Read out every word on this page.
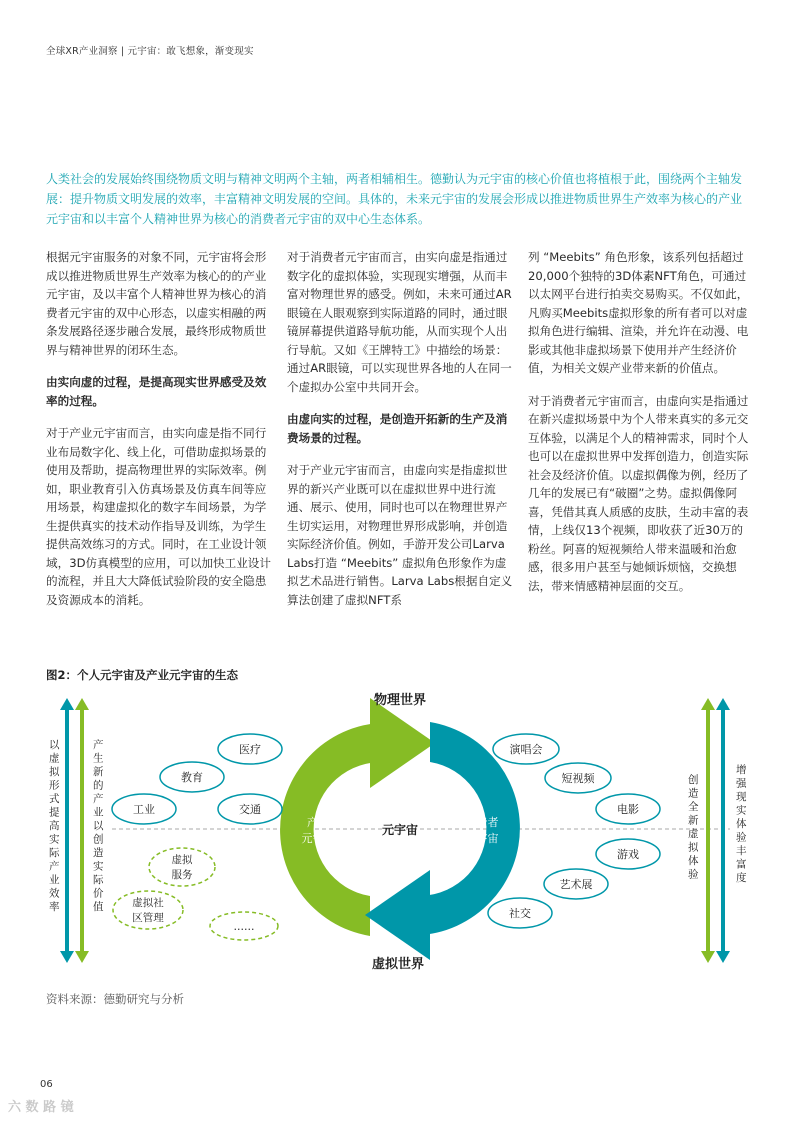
全球XR产业洞察 | 元宇宙：敢飞想象，渐变现实
人类社会的发展始终围绕物质文明与精神文明两个主轴，两者相辅相生。德勤认为元宇宙的核心价值也将植根于此，围绕两个主轴发展：提升物质文明发展的效率，丰富精神文明发展的空间。具体的，未来元宇宙的发展会形成以推进物质世界生产效率为核心的产业元宇宙和以丰富个人精神世界为核心的消费者元宇宙的双中心生态体系。

根据元宇宙服务的对象不同，元宇宙将会形成以推进物质世界生产效率为核心的的产业元宇宙，及以丰富个人精神世界为核心的消费者元宇宙的双中心形态，以虚实相融的两条发展路径逐步融合发展，最终形成物质世界与精神世界的闭环生态。

由实向虚的过程，是提高现实世界感受及效率的过程。

对于产业元宇宙而言，由实向虚是指不同行业布局数字化、线上化，可借助虚拟场景的使用及帮助，提高物理世界的实际效率。例如，职业教育引入仿真场景及仿真车间等应用场景，构建虚拟化的数字车间场景，为学生提供真实的技术动作指导及训练，为学生提供高效练习的方式。同时，在工业设计领域，3D仿真模型的应用，可以加快工业设计的流程，并且大大降低试验阶段的安全隐患及资源成本的消耗。

对于消费者元宇宙而言，由实向虚是指通过数字化的虚拟体验，实现现实增强，从而丰富对物理世界的感受。例如，未来可通过AR眼镜在人眼观察到实际道路的同时，通过眼镜屏幕提供道路导航功能，从而实现个人出行导航。又如《王牌特工》中描绘的场景：通过AR眼镜，可以实现世界各地的人在同一个虚拟办公室中共同开会。

由虚向实的过程，是创造开拓新的生产及消费场景的过程。

对于产业元宇宙而言，由虚向实是指虚拟世界的新兴产业既可以在虚拟世界中进行流通、展示、使用，同时也可以在物理世界产生切实运用，对物理世界形成影响，并创造实际经济价值。例如，手游开发公司Larva Labs打造 “Meebits” 虚拟角色形象作为虚拟艺术品进行销售。Larva Labs根据自定义算法创建了虚拟NFT系

列 “Meebits” 角色形象，该系列包括超过20,000个独特的3D体素NFT角色，可通过以太网平台进行拍卖交易购买。不仅如此，凡购买Meebits虚拟形象的所有者可以对虚拟角色进行编辑、渲染，并允许在动漫、电影或其他非虚拟场景下使用并产生经济价值，为相关文娱产业带来新的价值点。

对于消费者元宇宙而言，由虚向实是指通过在新兴虚拟场景中为个人带来真实的多元交互体验，以满足个人的精神需求，同时个人也可以在虚拟世界中发挥创造力，创造实际社会及经济价值。以虚拟偶像为例，经历了几年的发展已有“破圈”之势。虚拟偶像阿喜，凭借其真人质感的皮肤，生动丰富的表情，上线仅13个视频，即收获了近30万的粉丝。阿喜的短视频给人带来温暖和治愈感，很多用户甚至与她倾诉烦恼，交换想法，带来情感精神层面的交互。

图2：个人元宇宙及产业元宇宙的生态
以虚拟形式提高实际产业效率
产生新的产业以创造实际价值
创造全新虚拟体验
增强现实体验丰富度
物理世界
虚拟世界
元宇宙
产业
元宇宙
消费者
元宇宙
医疗
教育
工业	交通
虚拟
服务
虚拟社
区管理
……
演唱会
短视频
电影
游戏
艺术展
社交
资料来源：德勤研究与分析
06
六 数 路 镜
